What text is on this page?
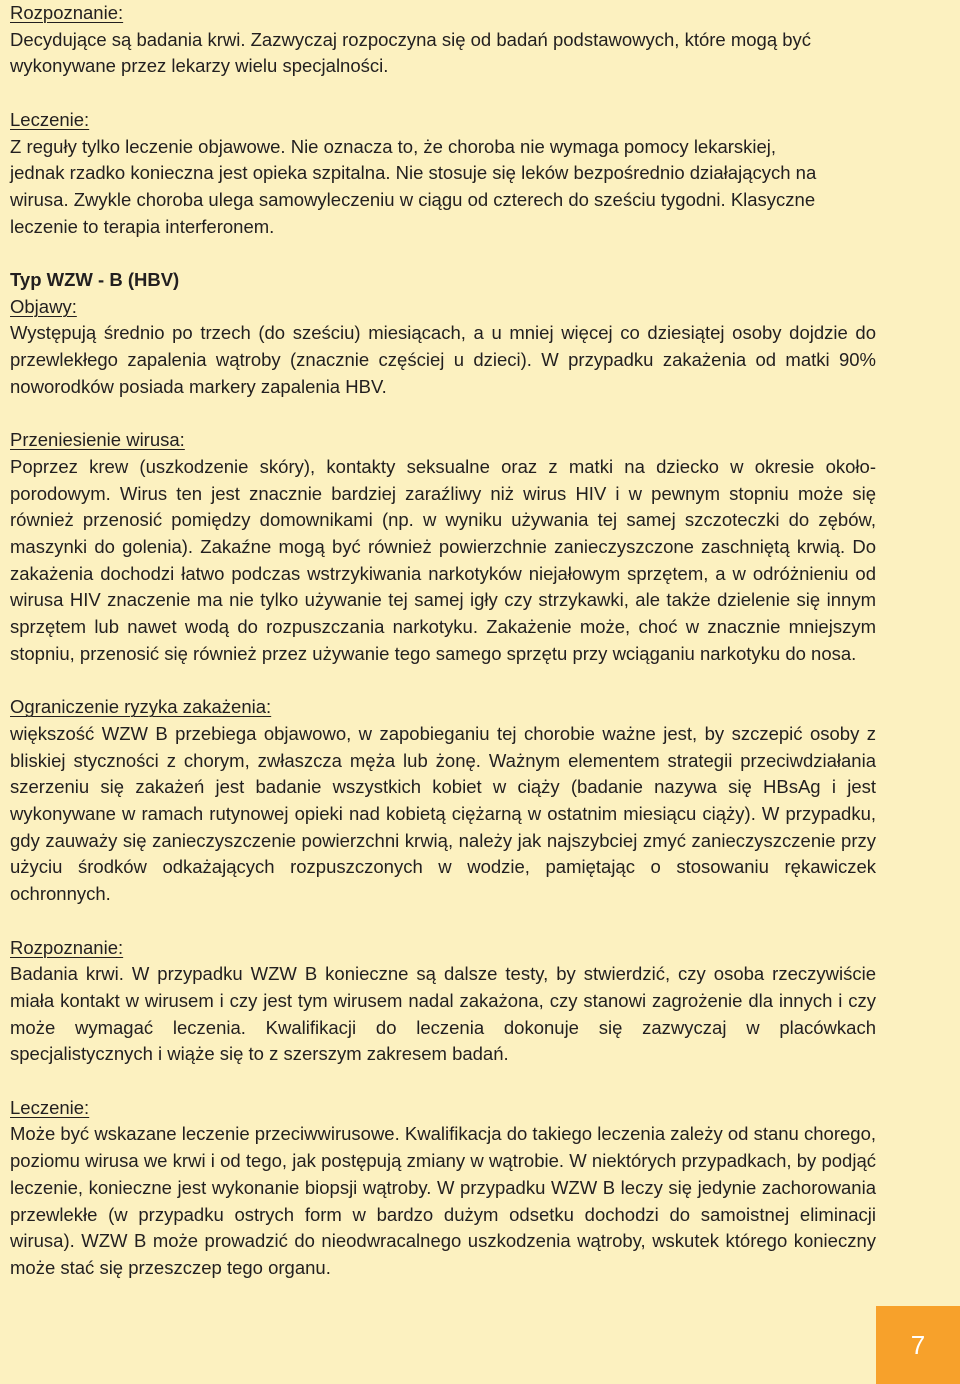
Rozpoznanie:
Decydujące są badania krwi. Zazwyczaj rozpoczyna się od badań podstawowych, które mogą być
wykonywane przez lekarzy wielu specjalności.
Leczenie:
Z reguły tylko leczenie objawowe. Nie oznacza to, że choroba nie wymaga pomocy lekarskiej,
jednak rzadko konieczna jest opieka szpitalna. Nie stosuje się leków bezpośrednio działających na
wirusa. Zwykle choroba ulega samowyleczeniu w ciągu od czterech do sześciu tygodni. Klasyczne
leczenie to terapia interferonem.
Typ WZW - B (HBV)
Objawy:
Występują średnio po trzech (do sześciu) miesiącach, a u mniej więcej co dziesiątej osoby dojdzie do przewlekłego zapalenia wątroby (znacznie częściej u dzieci). W przypadku zakażenia od matki 90% noworodków posiada markery zapalenia HBV.
Przeniesienie wirusa:
Poprzez krew (uszkodzenie skóry), kontakty seksualne oraz z matki na dziecko w okresie okołoporodowym. Wirus ten jest znacznie bardziej zaraźliwy niż wirus HIV i w pewnym stopniu może się również przenosić pomiędzy domownikami (np. w wyniku używania tej samej szczoteczki do zębów, maszynki do golenia). Zakaźne mogą być również powierzchnie zanieczyszczone zaschniętą krwią. Do zakażenia dochodzi łatwo podczas wstrzykiwania narkotyków niejałowym sprzętem, a w odróżnieniu od wirusa HIV znaczenie ma nie tylko używanie tej samej igły czy strzykawki, ale także dzielenie się innym sprzętem lub nawet wodą do rozpuszczania narkotyku. Zakażenie może, choć w znacznie mniejszym stopniu, przenosić się również przez używanie tego samego sprzętu przy wciąganiu narkotyku do nosa.
Ograniczenie ryzyka zakażenia:
większość WZW B przebiega objawowo, w zapobieganiu tej chorobie ważne jest, by szczepić osoby z bliskiej styczności z chorym, zwłaszcza męża lub żonę. Ważnym elementem strategii przeciwdziałania szerzeniu się zakażeń jest badanie wszystkich kobiet w ciąży (badanie nazywa się HBsAg i jest wykonywane w ramach rutynowej opieki nad kobietą ciężarną w ostatnim miesiącu ciąży). W przypadku, gdy zauważy się zanieczyszczenie powierzchni krwią, należy jak najszybciej zmyć zanieczyszczenie przy użyciu środków odkażających rozpuszczonych w wodzie, pamiętając o stosowaniu rękawiczek ochronnych.
Rozpoznanie:
Badania krwi. W przypadku WZW B konieczne są dalsze testy, by stwierdzić, czy osoba rzeczywiście miała kontakt w wirusem i czy jest tym wirusem nadal zakażona, czy stanowi zagrożenie dla innych i czy może wymagać leczenia. Kwalifikacji do leczenia dokonuje się zazwyczaj w placówkach specjalistycznych i wiąże się to z szerszym zakresem badań.
Leczenie:
Może być wskazane leczenie przeciwwirusowe. Kwalifikacja do takiego leczenia zależy od stanu chorego, poziomu wirusa we krwi i od tego, jak postępują zmiany w wątrobie. W niektórych przypadkach, by podjąć leczenie, konieczne jest wykonanie biopsji wątroby. W przypadku WZW B leczy się jedynie zachorowania przewlekłe (w przypadku ostrych form w bardzo dużym odsetku dochodzi do samoistnej eliminacji wirusa). WZW B może prowadzić do nieodwracalnego uszkodzenia wątroby, wskutek którego konieczny może stać się przeszczep tego organu.
7
